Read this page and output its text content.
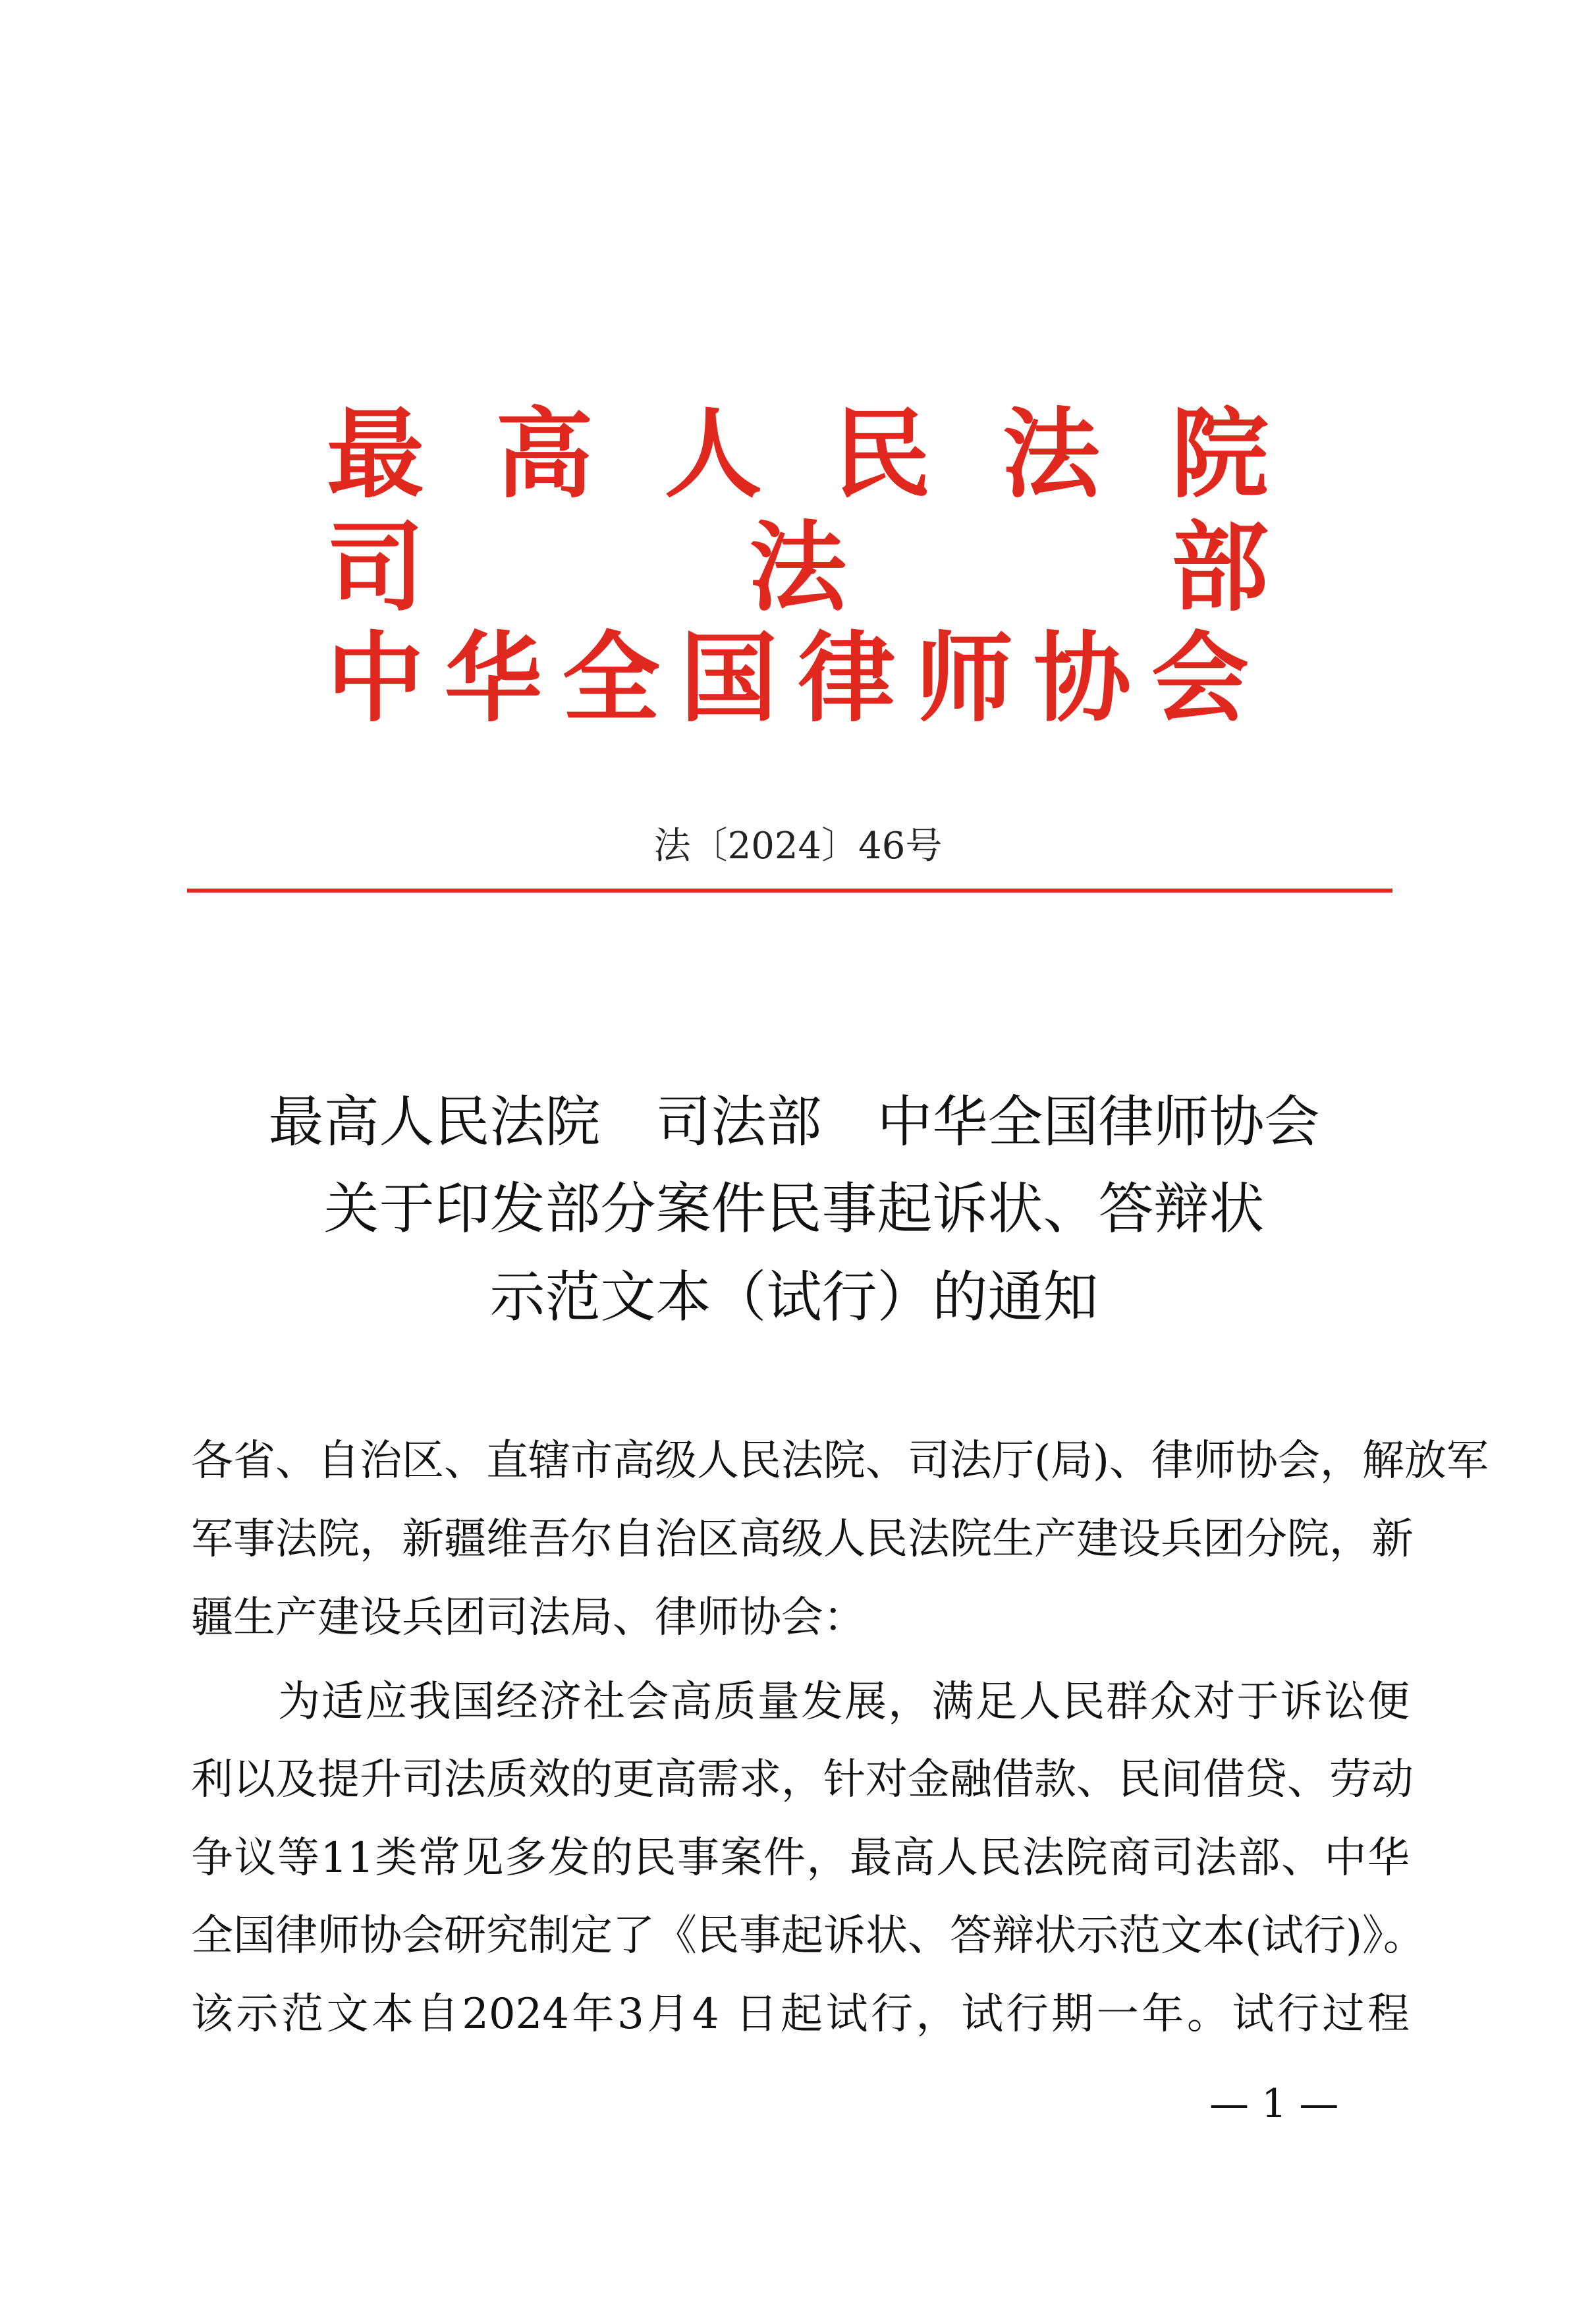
最 高 人 民 法 院
司	法	部
中 华 全 国 律 师 协 会
法〔2024〕46号
最高人民法院　司法部　中华全国律师协会
关于印发部分案件民事起诉状、答辩状
示范文本（试行）的通知
各省、自治区、直辖市高级人民法院、司法厅(局)、律师协会，解放军
军事法院，新疆维吾尔自治区高级人民法院生产建设兵团分院，新
疆生产建设兵团司法局、律师协会：
为适应我国经济社会高质量发展，满足人民群众对于诉讼便
利以及提升司法质效的更高需求，针对金融借款、民间借贷、劳动
争议等11类常见多发的民事案件，最高人民法院商司法部、中华
全国律师协会研究制定了《民事起诉状、答辩状示范文本(试行)》。
该示范文本自2024年3月4 日起试行，试行期一年。试行过程
— 1 —
